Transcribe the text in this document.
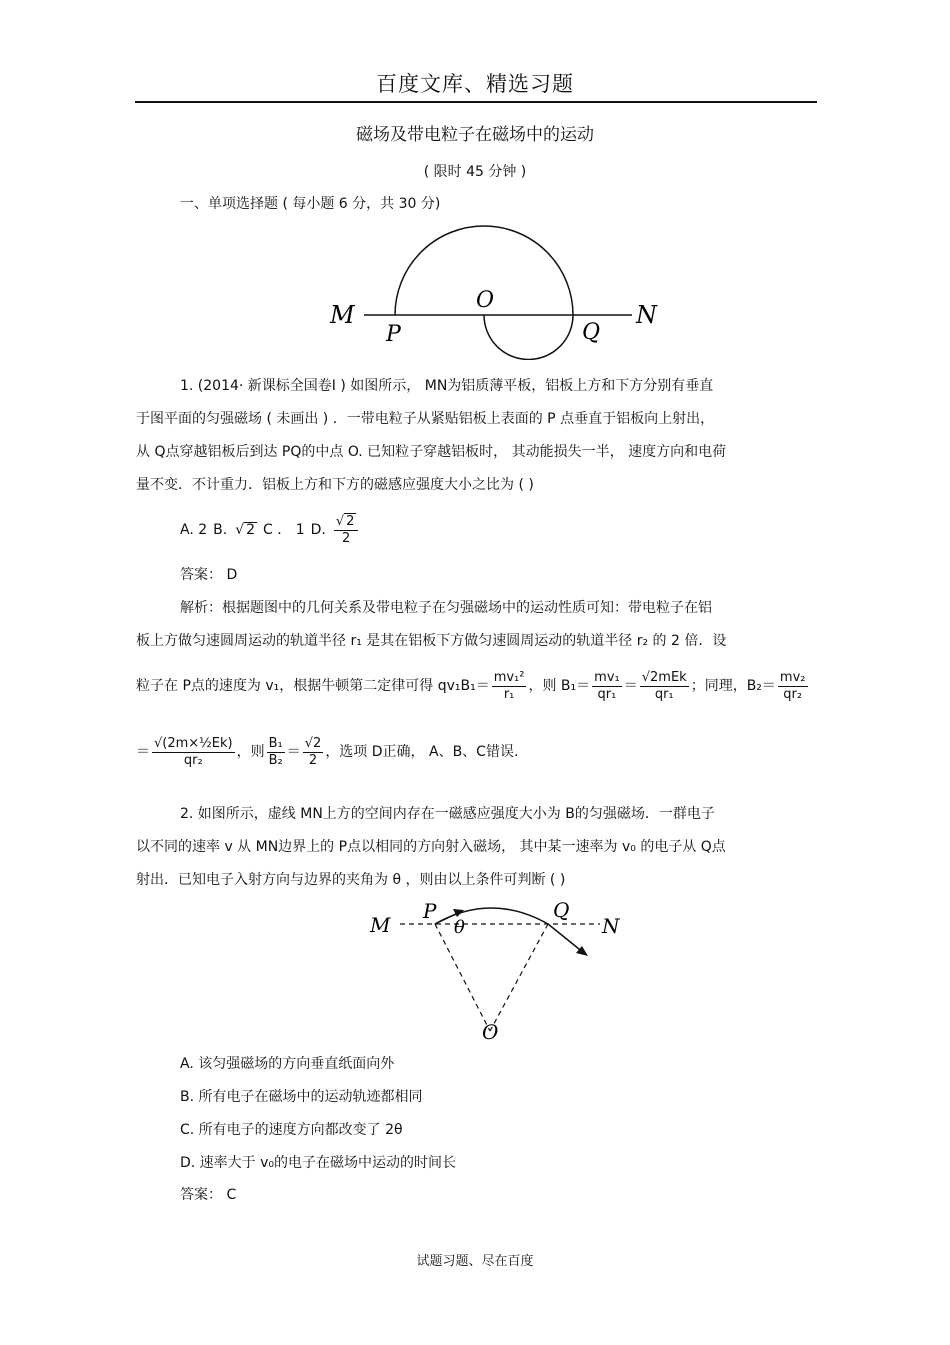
百度文库、精选习题
磁场及带电粒子在磁场中的运动
( 限时 45 分钟 )
一、单项选择题 ( 每小题 6 分，共 30 分)
M	N
O
P	Q
1. (2014· 新课标全国卷Ⅰ ) 如图所示， MN为铝质薄平板，铝板上方和下方分别有垂直
于图平面的匀强磁场 ( 未画出 ) ．一带电粒子从紧贴铝板上表面的 P 点垂直于铝板向上射出，
从 Q点穿越铝板后到达 PQ的中点 O. 已知粒子穿越铝板时， 其动能损失一半， 速度方向和电荷
量不变．不计重力．铝板上方和下方的磁感应强度大小之比为 ( )
A. 2 B. √ 2 C ． 1 D. $\frac{√ 2}{2}$
答案： D
解析：根据题图中的几何关系及带电粒子在匀强磁场中的运动性质可知：带电粒子在铝
板上方做匀速圆周运动的轨道半径 r₁ 是其在铝板下方做匀速圆周运动的轨道半径 r₂ 的 2 倍．设
粒子在 P点的速度为 v₁，根据牛顿第二定律可得 $qv_1B_1= \frac{\text{mv₁²}}{\text{r₁}}$ ，则 $B_1= \frac{\text{mv₁}}{\text{qr₁}} = \frac{\text{√2mEk}}{\text{qr₁}}$ ；同理，$B_2= \frac{\text{mv₂}}{\text{qr₂}}$
＝ $\frac{\text{√(2m×½Ek)}}{\text{qr₂}}$ ，则 $\frac{\text{B₁}}{\text{B₂}} = \frac{√2}{2}$ ，选项 D正确， A、B、C错误.
2. 如图所示，虚线 MN上方的空间内存在一磁感应强度大小为 B的匀强磁场．一群电子
以不同的速率 v 从 MN边界上的 P点以相同的方向射入磁场， 其中某一速率为 v₀ 的电子从 Q点
射出．已知电子入射方向与边界的夹角为 θ ，则由以上条件可判断 ( )
M	N
P	Q
O
θ
A. 该匀强磁场的方向垂直纸面向外
B. 所有电子在磁场中的运动轨迹都相同
C. 所有电子的速度方向都改变了 2θ
D. 速率大于 v₀的电子在磁场中运动的时间长
答案： C
试题习题、尽在百度
